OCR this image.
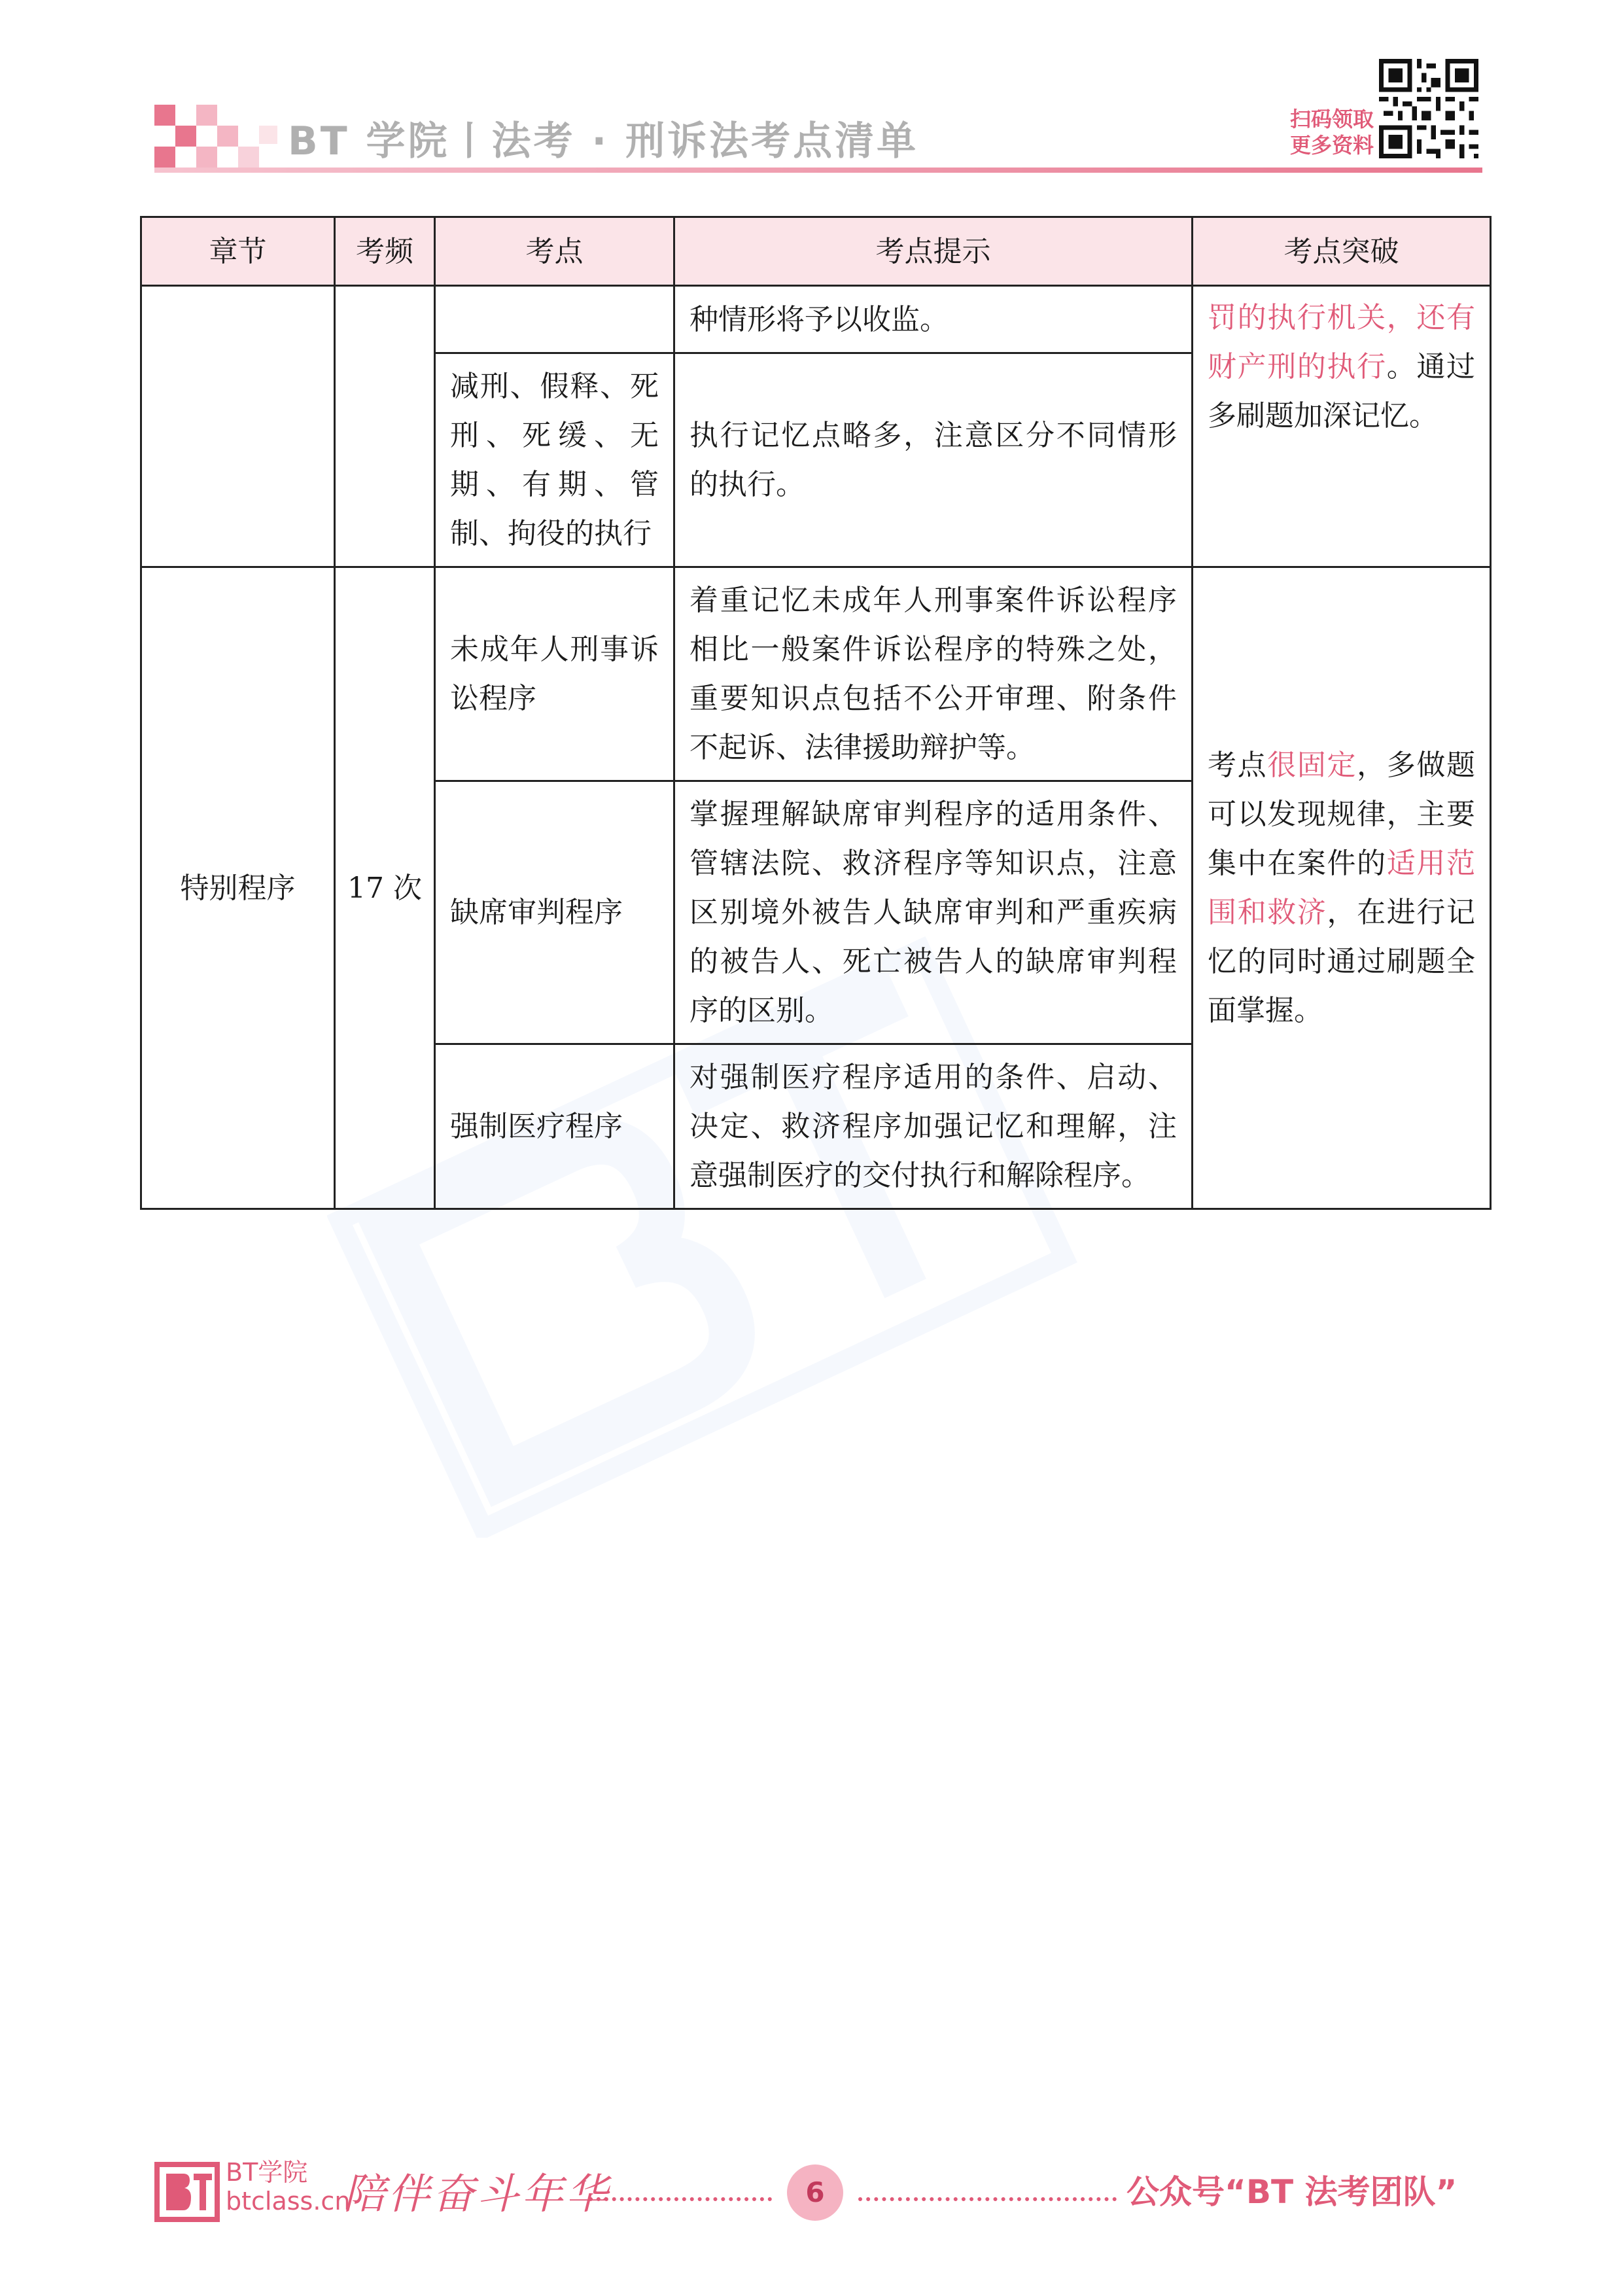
BT 学院丨法考 · 刑诉法考点清单	扫码领取
更多资料
章节	考频	考点	考点提示	考点突破
			种情形将予以收监。	罚的执行机关，还有财产刑的执行。通过多刷题加深记忆。
		减刑、假释、死刑、死缓、无期、有期、管制、拘役的执行	执行记忆点略多，注意区分不同情形的执行。	
特别程序	17 次	未成年人刑事诉讼程序	着重记忆未成年人刑事案件诉讼程序相比一般案件诉讼程序的特殊之处，重要知识点包括不公开审理、附条件不起诉、法律援助辩护等。	考点很固定，多做题可以发现规律，主要集中在案件的适用范围和救济，在进行记忆的同时通过刷题全面掌握。
		缺席审判程序	掌握理解缺席审判程序的适用条件、管辖法院、救济程序等知识点，注意区别境外被告人缺席审判和严重疾病的被告人、死亡被告人的缺席审判程序的区别。	
		强制医疗程序	对强制医疗程序适用的条件、启动、决定、救济程序加强记忆和理解，注意强制医疗的交付执行和解除程序。	
BT学院
btclass.cn
陪伴奋斗年华	6	公众号“BT 法考团队”
